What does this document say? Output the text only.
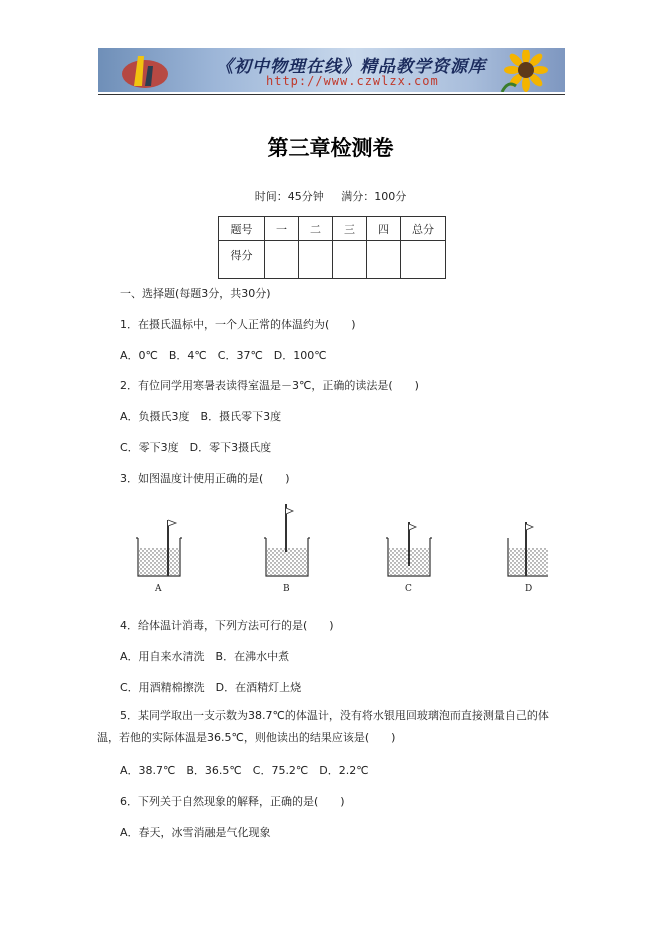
《初中物理在线》精品教学资源库
http://www.czwlzx.com
第三章检测卷
时间：45分钟     满分：100分
题号	一	二	三	四	总分
得分					
一、选择题(每题3分，共30分)
1．在摄氏温标中，一个人正常的体温约为(　　)
A．0℃　B．4℃　C．37℃　D．100℃
2．有位同学用寒暑表读得室温是－3℃，正确的读法是(　　)
A．负摄氏3度　B．摄氏零下3度
C．零下3度　D．零下3摄氏度
3．如图温度计使用正确的是(　　)
A	B	C	D
4．给体温计消毒，下列方法可行的是(　　)
A．用自来水清洗　B．在沸水中煮
C．用酒精棉擦洗　D．在酒精灯上烧
5．某同学取出一支示数为38.7℃的体温计，没有将水银甩回玻璃泡而直接测量自己的体温，若他的实际体温是36.5℃，则他读出的结果应该是(　　)
A．38.7℃　B．36.5℃　C．75.2℃　D．2.2℃
6．下列关于自然现象的解释，正确的是(　　)
A．春天，冰雪消融是气化现象
